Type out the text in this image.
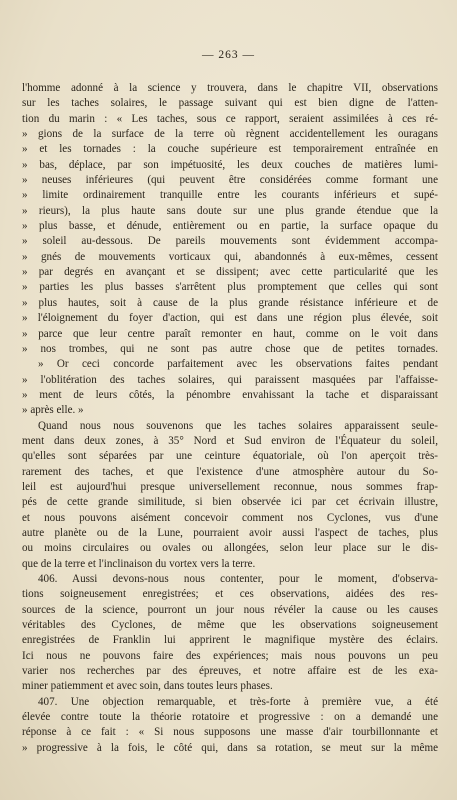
— 263 —
l'homme adonné à la science y trouvera, dans le chapitre VII, observations
sur les taches solaires, le passage suivant qui est bien digne de l'atten-
tion du marin : « Les taches, sous ce rapport, seraient assimilées à ces ré-
» gions de la surface de la terre où règnent accidentellement les ouragans
» et les tornades : la couche supérieure est temporairement entraînée en
» bas, déplace, par son impétuosité, les deux couches de matières lumi-
» neuses inférieures (qui peuvent être considérées comme formant une
» limite ordinairement tranquille entre les courants inférieurs et supé-
» rieurs), la plus haute sans doute sur une plus grande étendue que la
» plus basse, et dénude, entièrement ou en partie, la surface opaque du
» soleil au-dessous. De pareils mouvements sont évidemment accompa-
» gnés de mouvements vorticaux qui, abandonnés à eux-mêmes, cessent
» par degrés en avançant et se dissipent; avec cette particularité que les
» parties les plus basses s'arrêtent plus promptement que celles qui sont
» plus hautes, soit à cause de la plus grande résistance inférieure et de
» l'éloignement du foyer d'action, qui est dans une région plus élevée, soit
» parce que leur centre paraît remonter en haut, comme on le voit dans
» nos trombes, qui ne sont pas autre chose que de petites tornades.
» Or ceci concorde parfaitement avec les observations faites pendant
» l'oblitération des taches solaires, qui paraissent masquées par l'affaisse-
» ment de leurs côtés, la pénombre envahissant la tache et disparaissant
» après elle. »
Quand nous nous souvenons que les taches solaires apparaissent seule-
ment dans deux zones, à 35° Nord et Sud environ de l'Équateur du soleil,
qu'elles sont séparées par une ceinture équatoriale, où l'on aperçoit très-
rarement des taches, et que l'existence d'une atmosphère autour du So-
leil est aujourd'hui presque universellement reconnue, nous sommes frap-
pés de cette grande similitude, si bien observée ici par cet écrivain illustre,
et nous pouvons aisément concevoir comment nos Cyclones, vus d'une
autre planète ou de la Lune, pourraient avoir aussi l'aspect de taches, plus
ou moins circulaires ou ovales ou allongées, selon leur place sur le dis-
que de la terre et l'inclinaison du vortex vers la terre.
406. Aussi devons-nous nous contenter, pour le moment, d'observa-
tions soigneusement enregistrées; et ces observations, aidées des res-
sources de la science, pourront un jour nous révéler la cause ou les causes
véritables des Cyclones, de même que les observations soigneusement
enregistrées de Franklin lui apprirent le magnifique mystère des éclairs.
Ici nous ne pouvons faire des expériences; mais nous pouvons un peu
varier nos recherches par des épreuves, et notre affaire est de les exa-
miner patiemment et avec soin, dans toutes leurs phases.
407. Une objection remarquable, et très-forte à première vue, a été
élevée contre toute la théorie rotatoire et progressive : on a demandé une
réponse à ce fait : « Si nous supposons une masse d'air tourbillonnante et
» progressive à la fois, le côté qui, dans sa rotation, se meut sur la même
